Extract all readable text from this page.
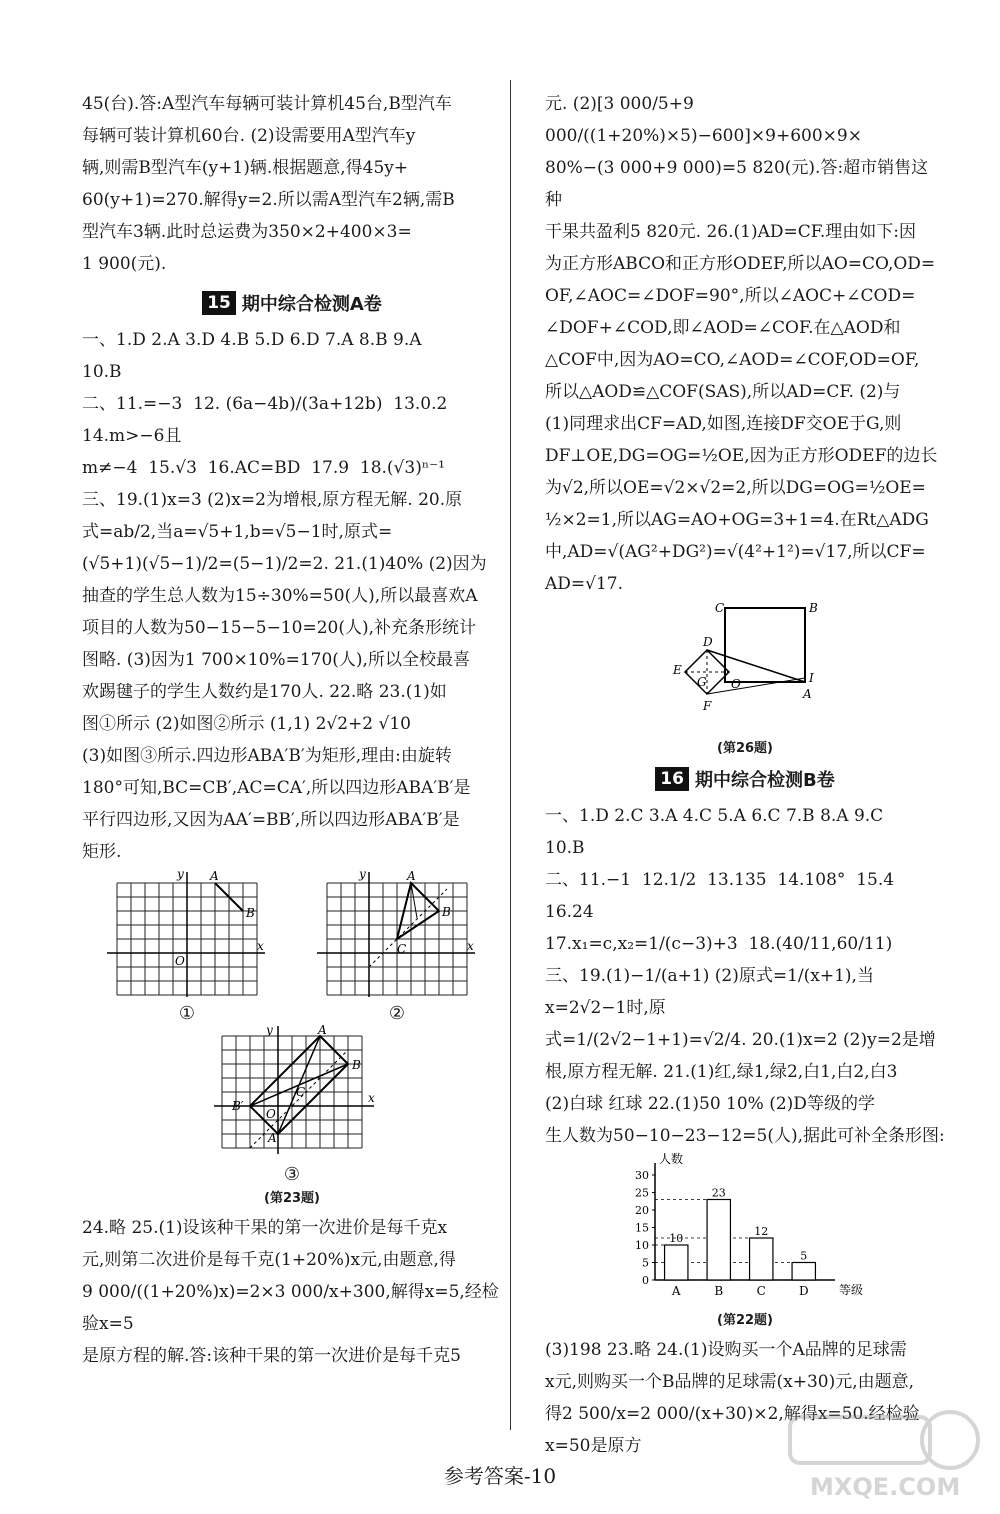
45(台).答:A型汽车每辆可装计算机45台,B型汽车
每辆可装计算机60台. (2)设需要用A型汽车y
辆,则需B型汽车(y+1)辆.根据题意,得45y+
60(y+1)=270.解得y=2.所以需A型汽车2辆,需B
型汽车3辆.此时总运费为350×2+400×3=
1 900(元).
15 期中综合检测A卷
一、1.D 2.A 3.D 4.B 5.D 6.D 7.A 8.B 9.A
10.B
二、11.=−3  12. (6a−4b)/(3a+12b)  13.0.2  14.m>−6且
m≠−4  15.√3  16.AC=BD  17.9  18.(√3)ⁿ⁻¹
三、19.(1)x=3 (2)x=2为增根,原方程无解. 20.原
式=ab/2,当a=√5+1,b=√5−1时,原式=
(√5+1)(√5−1)/2=(5−1)/2=2. 21.(1)40% (2)因为
抽查的学生总人数为15÷30%=50(人),所以最喜欢A
项目的人数为50−15−5−10=20(人),补充条形统计
图略. (3)因为1 700×10%=170(人),所以全校最喜
欢踢毽子的学生人数约是170人. 22.略 23.(1)如
图①所示 (2)如图②所示 (1,1) 2√2+2 √10
(3)如图③所示.四边形ABA′B′为矩形,理由:由旋转
180°可知,BC=CB′,AC=CA′,所以四边形ABA′B′是
平行四边形,又因为AA′=BB′,所以四边形ABA′B′是
矩形.
A
B
O
x
y
①
A
B
C	x
y
②
A
B
C
O
B′
A′
x
y
③
(第23题)
24.略 25.(1)设该种干果的第一次进价是每千克x
元,则第二次进价是每千克(1+20%)x元,由题意,得
9 000/((1+20%)x)=2×3 000/x+300,解得x=5,经检验x=5
是原方程的解.答:该种干果的第一次进价是每千克5
元. (2)[3 000/5+9 000/((1+20%)×5)−600]×9+600×9×
80%−(3 000+9 000)=5 820(元).答:超市销售这种
干果共盈利5 820元. 26.(1)AD=CF.理由如下:因
为正方形ABCO和正方形ODEF,所以AO=CO,OD=
OF,∠AOC=∠DOF=90°,所以∠AOC+∠COD=
∠DOF+∠COD,即∠AOD=∠COF.在△AOD和
△COF中,因为AO=CO,∠AOD=∠COF,OD=OF,
所以△AOD≌△COF(SAS),所以AD=CF. (2)与
(1)同理求出CF=AD,如图,连接DF交OE于G,则
DF⊥OE,DG=OG=½OE,因为正方形ODEF的边长
为√2,所以OE=√2×√2=2,所以DG=OG=½OE=
½×2=1,所以AG=AO+OG=3+1=4.在Rt△ADG
中,AD=√(AG²+DG²)=√(4²+1²)=√17,所以CF=
AD=√17.
C	B
D
E
G O
A
F
I
(第26题)
16 期中综合检测B卷
一、1.D 2.C 3.A 4.C 5.A 6.C 7.B 8.A 9.C
10.B
二、11.−1  12.1/2  13.135  14.108°  15.4  16.24
17.x₁=c,x₂=1/(c−3)+3  18.(40/11,60/11)
三、19.(1)−1/(a+1) (2)原式=1/(x+1),当x=2√2−1时,原
式=1/(2√2−1+1)=√2/4. 20.(1)x=2 (2)y=2是增
根,原方程无解. 21.(1)红,绿1,绿2,白1,白2,白3
(2)白球 红球 22.(1)50 10% (2)D等级的学
生人数为50−10−23−12=5(人),据此可补全条形图:
0
5
10
15
20
25
30
人数
等级
10
A
23
B
12
C
5
D
(第22题)
(3)198 23.略 24.(1)设购买一个A品牌的足球需
x元,则购买一个B品牌的足球需(x+30)元,由题意,
得2 500/x=2 000/(x+30)×2,解得x=50.经检验x=50是原方
参考答案-10	MXQE.COM
